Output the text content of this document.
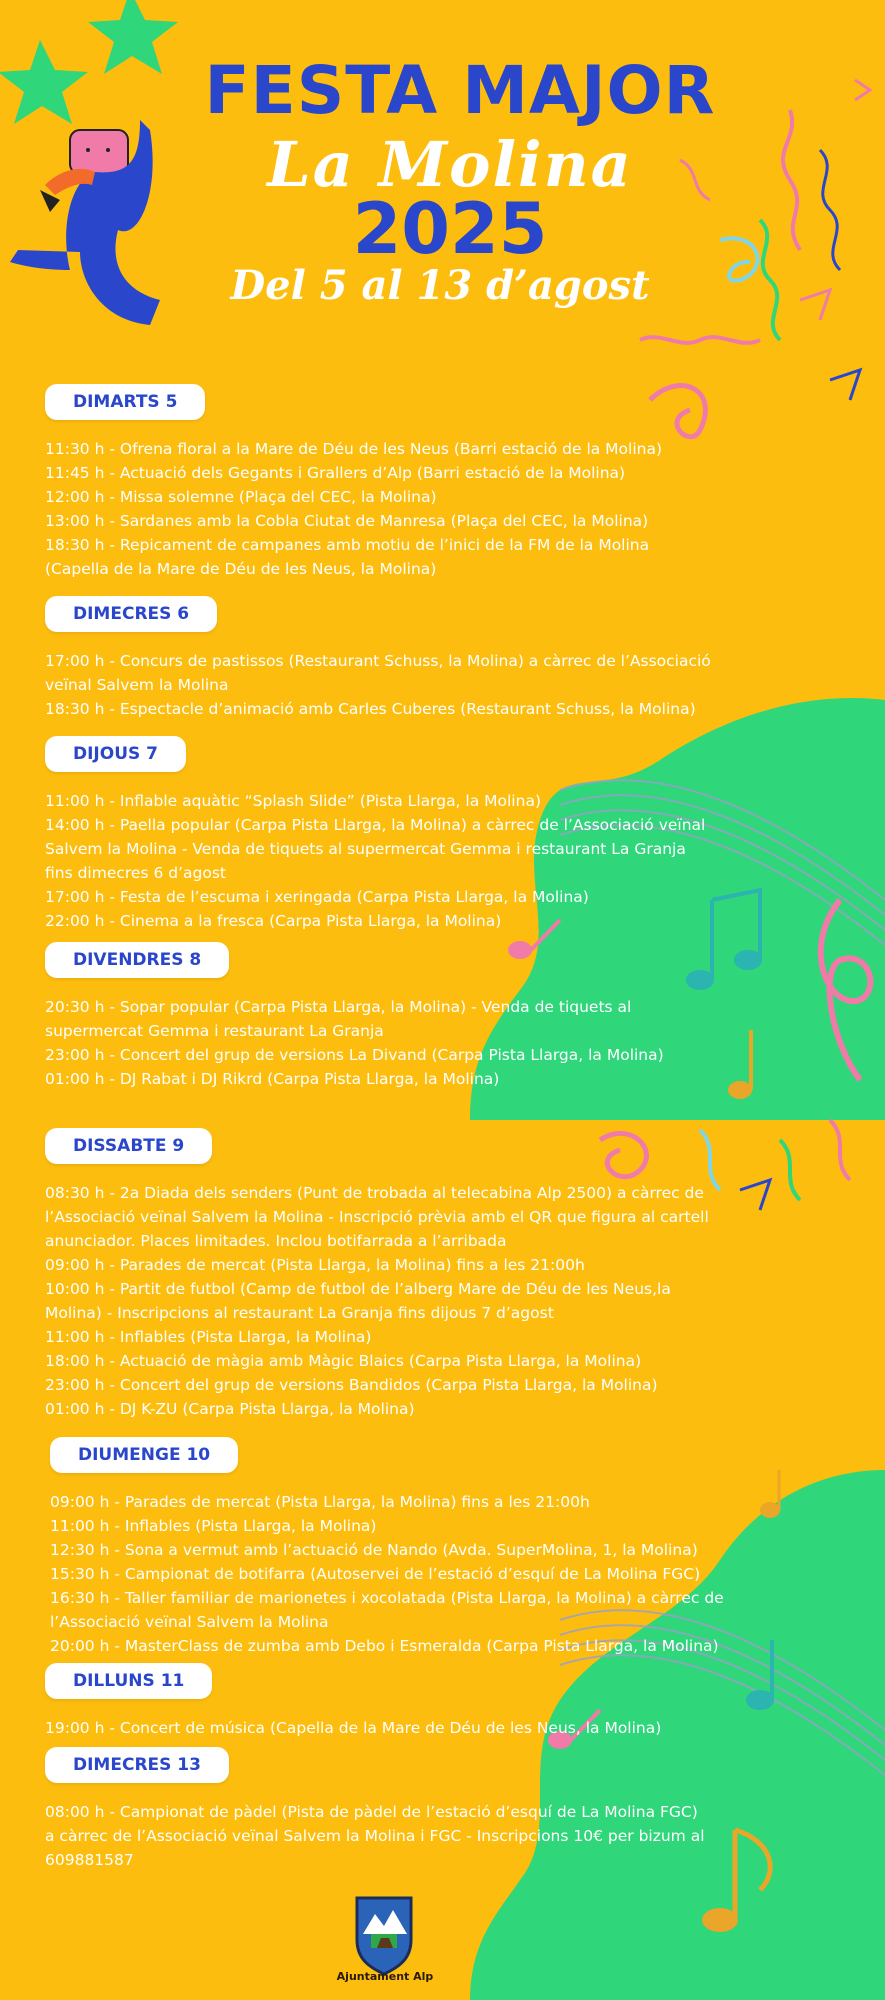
FESTA MAJOR
La Molina
2025
Del 5 al 13 d’agost
DIMARTS 5
11:30 h - Ofrena floral a la Mare de Déu de les Neus (Barri estació de la Molina)
11:45 h - Actuació dels Gegants i Grallers d’Alp (Barri estació de la Molina)
12:00 h - Missa solemne (Plaça del CEC, la Molina)
13:00 h - Sardanes amb la Cobla Ciutat de Manresa (Plaça del CEC, la Molina)
18:30 h - Repicament de campanes amb motiu de l’inici de la FM de la Molina
(Capella de la Mare de Déu de les Neus, la Molina)
DIMECRES 6
17:00 h - Concurs de pastissos (Restaurant Schuss, la Molina) a càrrec de l’Associació
veïnal Salvem la Molina
18:30 h - Espectacle d’animació amb Carles Cuberes (Restaurant Schuss, la Molina)
DIJOUS 7
11:00 h - Inflable aquàtic “Splash Slide” (Pista Llarga, la Molina)
14:00 h - Paella popular (Carpa Pista Llarga, la Molina) a càrrec de l’Associació veïnal
Salvem la Molina - Venda de tiquets al supermercat Gemma i restaurant La Granja
fins dimecres 6 d’agost
17:00 h - Festa de l’escuma i xeringada (Carpa Pista Llarga, la Molina)
22:00 h - Cinema a la fresca (Carpa Pista Llarga, la Molina)
DIVENDRES 8
20:30 h - Sopar popular (Carpa Pista Llarga, la Molina) - Venda de tiquets al
supermercat Gemma i restaurant La Granja
23:00 h - Concert del grup de versions La Divand (Carpa Pista Llarga, la Molina)
01:00 h - DJ Rabat i DJ Rikrd (Carpa Pista Llarga, la Molina)
DISSABTE 9
08:30 h - 2a Diada dels senders (Punt de trobada al telecabina Alp 2500) a càrrec de
l’Associació veïnal Salvem la Molina - Inscripció prèvia amb el QR que figura al cartell
anunciador. Places limitades. Inclou botifarrada a l’arribada
09:00 h - Parades de mercat (Pista Llarga, la Molina) fins a les 21:00h
10:00 h - Partit de futbol (Camp de futbol de l’alberg Mare de Déu de les Neus,la
Molina) - Inscripcions al restaurant La Granja fins dijous 7 d’agost
11:00 h - Inflables (Pista Llarga, la Molina)
18:00 h - Actuació de màgia amb Màgic Blaics (Carpa Pista Llarga, la Molina)
23:00 h - Concert del grup de versions Bandidos (Carpa Pista Llarga, la Molina)
01:00 h - DJ K-ZU (Carpa Pista Llarga, la Molina)
DIUMENGE 10
09:00 h - Parades de mercat (Pista Llarga, la Molina) fins a les 21:00h
11:00 h - Inflables (Pista Llarga, la Molina)
12:30 h - Sona a vermut amb l’actuació de Nando (Avda. SuperMolina, 1, la Molina)
15:30 h - Campionat de botifarra (Autoservei de l’estació d’esquí de La Molina FGC)
16:30 h - Taller familiar de marionetes i xocolatada (Pista Llarga, la Molina) a càrrec de
l’Associació veïnal Salvem la Molina
20:00 h - MasterClass de zumba amb Debo i Esmeralda (Carpa Pista Llarga, la Molina)
DILLUNS 11
19:00 h - Concert de música (Capella de la Mare de Déu de les Neus, la Molina)
DIMECRES 13
08:00 h - Campionat de pàdel (Pista de pàdel de l’estació d’esquí de La Molina FGC)
a càrrec de l’Associació veïnal Salvem la Molina i FGC - Inscripcions 10€ per bizum al
609881587
Ajuntament Alp
